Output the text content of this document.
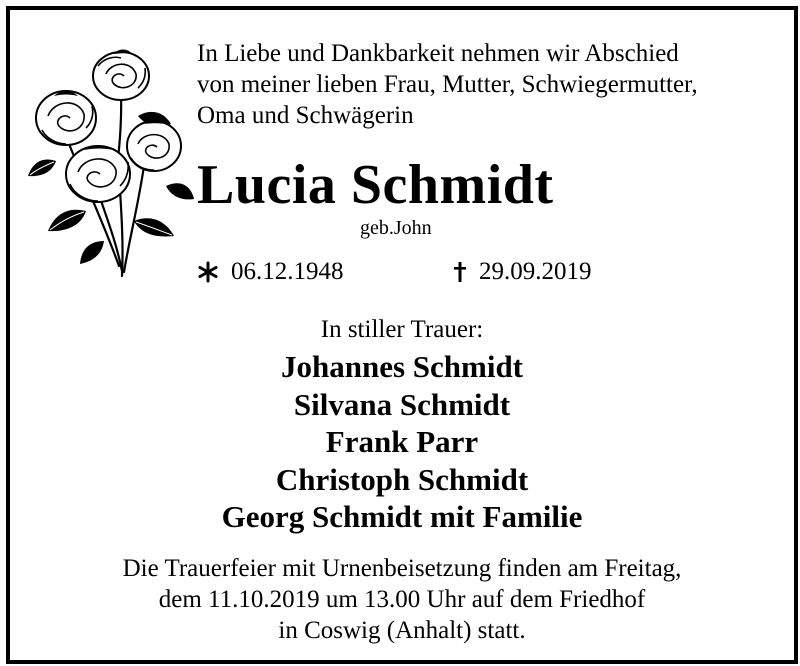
In Liebe und Dankbarkeit nehmen wir Abschied
von meiner lieben Frau, Mutter, Schwiegermutter,
Oma und Schwägerin
Lucia Schmidt
geb.John
06.12.1948	29.09.2019
In stiller Trauer:
Johannes Schmidt
Silvana Schmidt
Frank Parr
Christoph Schmidt
Georg Schmidt mit Familie
Die Trauerfeier mit Urnenbeisetzung finden am Freitag,
dem 11.10.2019 um 13.00 Uhr auf dem Friedhof
in Coswig (Anhalt) statt.
